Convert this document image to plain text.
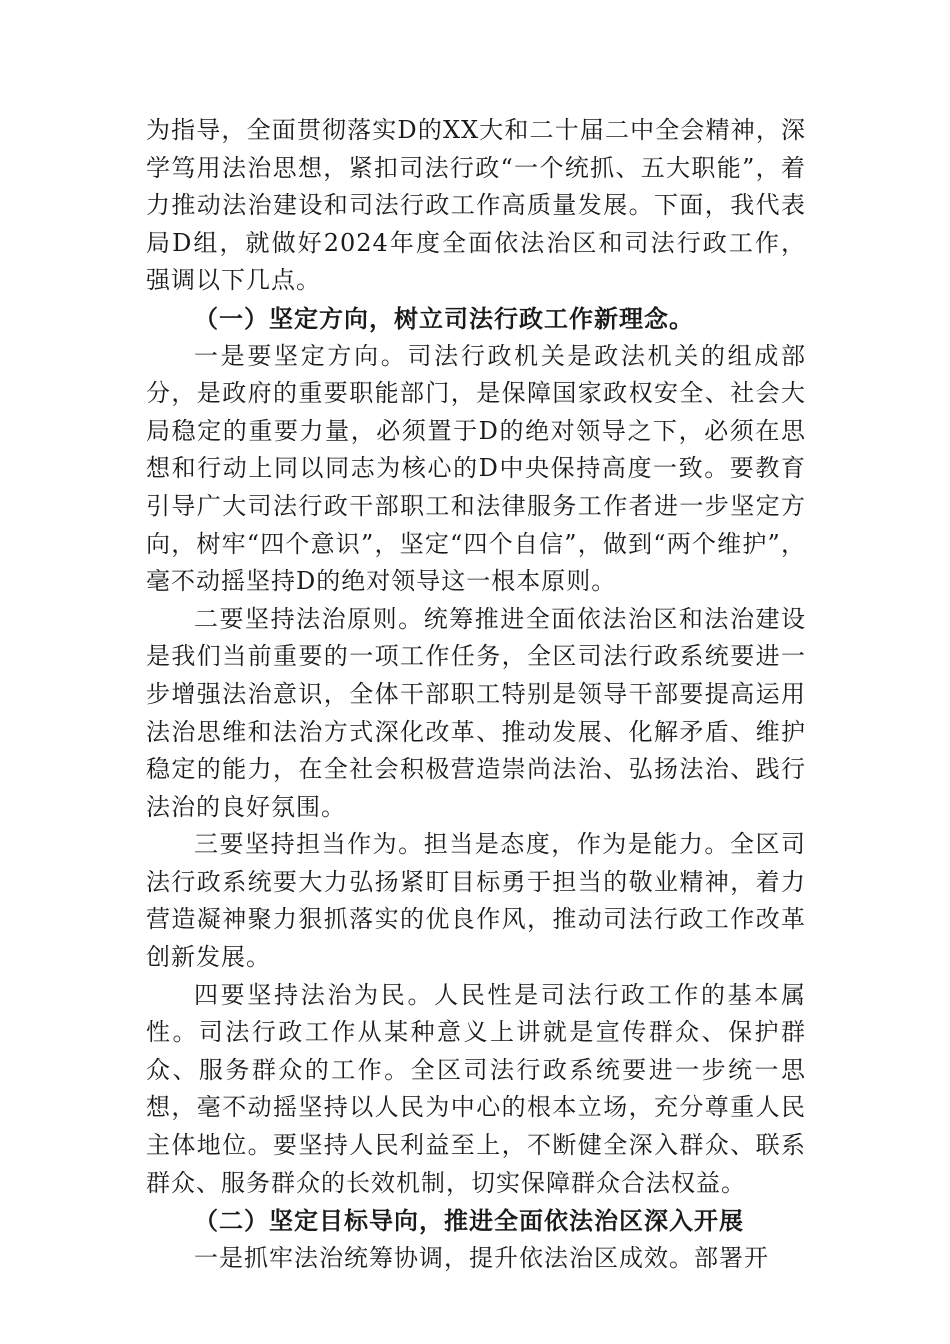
为指导，全面贯彻落实D的XX大和二十届二中全会精神，深学笃用法治思想，紧扣司法行政“一个统抓、五大职能”，着力推动法治建设和司法行政工作高质量发展。下面，我代表局D组，就做好2024年度全面依法治区和司法行政工作，强调以下几点。

（一）坚定方向，树立司法行政工作新理念。

一是要坚定方向。司法行政机关是政法机关的组成部分，是政府的重要职能部门，是保障国家政权安全、社会大局稳定的重要力量，必须置于D的绝对领导之下，必须在思想和行动上同以同志为核心的D中央保持高度一致。要教育引导广大司法行政干部职工和法律服务工作者进一步坚定方向，树牢“四个意识”，坚定“四个自信”，做到“两个维护”，毫不动摇坚持D的绝对领导这一根本原则。

二要坚持法治原则。统筹推进全面依法治区和法治建设是我们当前重要的一项工作任务，全区司法行政系统要进一步增强法治意识，全体干部职工特别是领导干部要提高运用法治思维和法治方式深化改革、推动发展、化解矛盾、维护稳定的能力，在全社会积极营造崇尚法治、弘扬法治、践行法治的良好氛围。

三要坚持担当作为。担当是态度，作为是能力。全区司法行政系统要大力弘扬紧盯目标勇于担当的敬业精神，着力营造凝神聚力狠抓落实的优良作风，推动司法行政工作改革创新发展。

四要坚持法治为民。人民性是司法行政工作的基本属性。司法行政工作从某种意义上讲就是宣传群众、保护群众、服务群众的工作。全区司法行政系统要进一步统一思想，毫不动摇坚持以人民为中心的根本立场，充分尊重人民主体地位。要坚持人民利益至上，不断健全深入群众、联系群众、服务群众的长效机制，切实保障群众合法权益。

（二）坚定目标导向，推进全面依法治区深入开展

一是抓牢法治统筹协调，提升依法治区成效。部署开
